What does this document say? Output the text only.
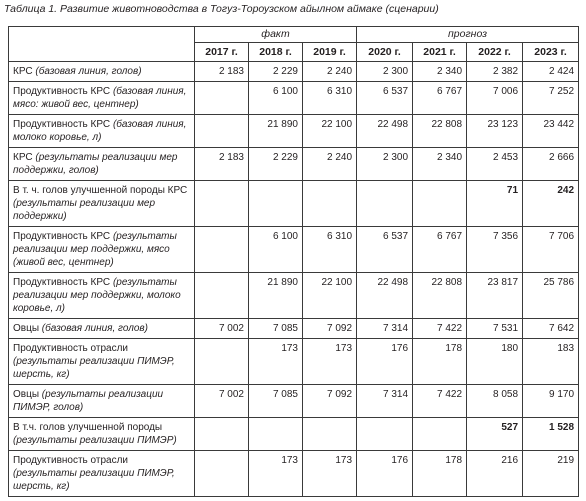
Таблица 1. Развитие животноводства в Тогуз-Тороузском айылном аймаке (сценарии)
	факт			прогноз			
	2017 г.	2018 г.	2019 г.	2020 г.	2021 г.	2022 г.	2023 г.
КРС (базовая линия, голов)	2 183	2 229	2 240	2 300	2 340	2 382	2 424
Продуктивность КРС (базовая линия, мясо: живой вес, центнер)		6 100	6 310	6 537	6 767	7 006	7 252
Продуктивность КРС (базовая линия, молоко коровье, л)		21 890	22 100	22 498	22 808	23 123	23 442
КРС (результаты реализации мер поддержки, голов)	2 183	2 229	2 240	2 300	2 340	2 453	2 666
В т. ч. голов улучшенной породы КРС (результаты реализации мер поддержки)						71	242
Продуктивность КРС (результаты реализации мер поддержки, мясо (живой вес, центнер)		6 100	6 310	6 537	6 767	7 356	7 706
Продуктивность КРС (результаты реализации мер поддержки, молоко коровье, л)		21 890	22 100	22 498	22 808	23 817	25 786
Овцы (базовая линия, голов)	7 002	7 085	7 092	7 314	7 422	7 531	7 642
Продуктивность отрасли (результаты реализации ПИМЭР, шерсть, кг)		173	173	176	178	180	183
Овцы (результаты реализации ПИМЭР, голов)	7 002	7 085	7 092	7 314	7 422	8 058	9 170
В т.ч. голов улучшенной породы (результаты реализации ПИМЭР)						527	1 528
Продуктивность отрасли (результаты реализации ПИМЭР, шерсть, кг)		173	173	176	178	216	219
